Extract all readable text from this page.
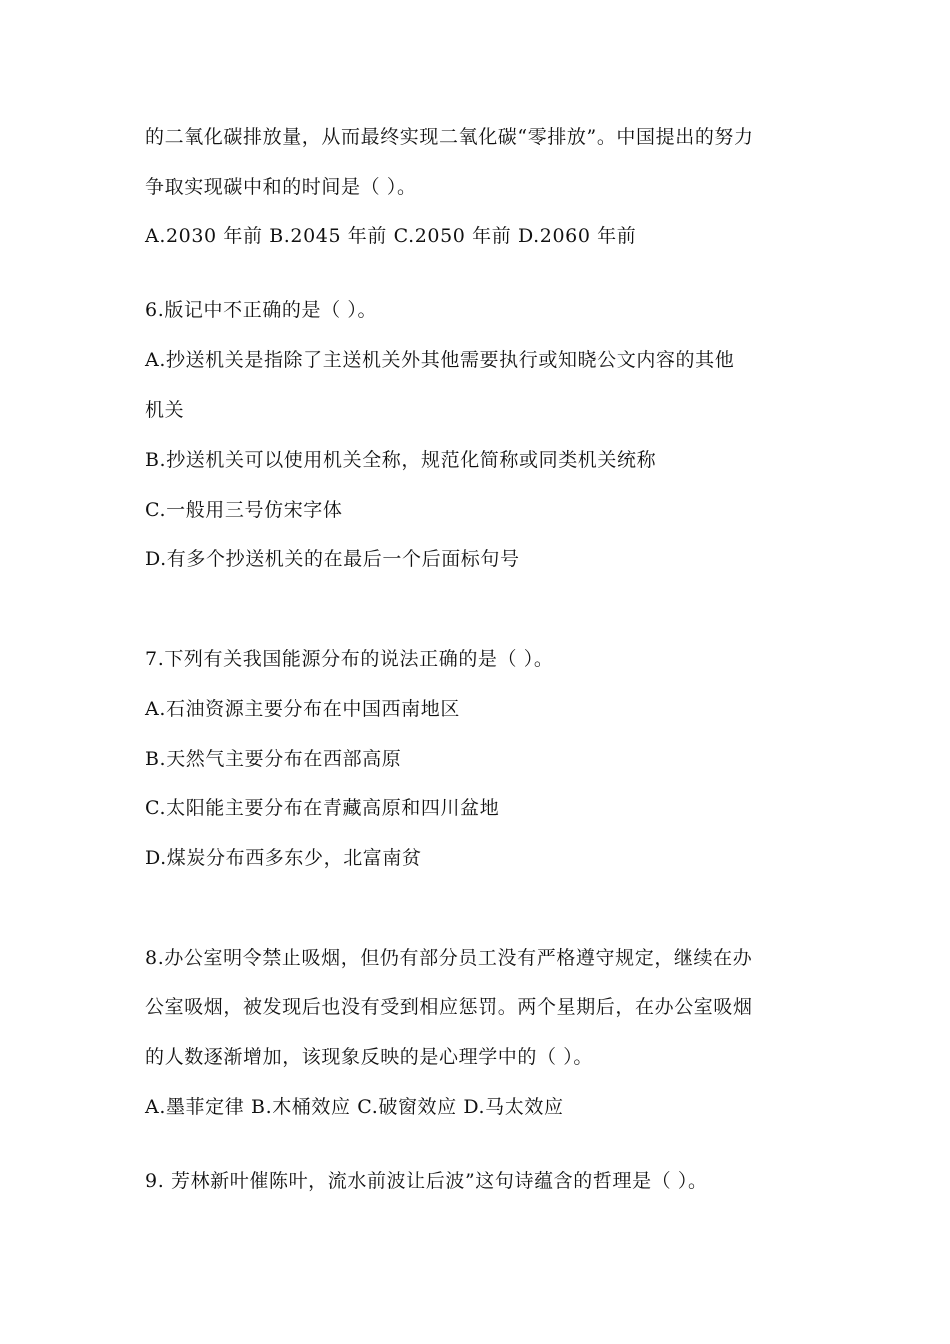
的二氧化碳排放量，从而最终实现二氧化碳“零排放”。中国提出的努力
争取实现碳中和的时间是（ ）。
A.2030 年前 B.2045 年前 C.2050 年前 D.2060 年前
6.版记中不正确的是（ ）。
A.抄送机关是指除了主送机关外其他需要执行或知晓公文内容的其他
机关
B.抄送机关可以使用机关全称，规范化简称或同类机关统称
C.一般用三号仿宋字体
D.有多个抄送机关的在最后一个后面标句号
7.下列有关我国能源分布的说法正确的是（ ）。
A.石油资源主要分布在中国西南地区
B.天然气主要分布在西部高原
C.太阳能主要分布在青藏高原和四川盆地
D.煤炭分布西多东少，北富南贫
8.办公室明令禁止吸烟，但仍有部分员工没有严格遵守规定，继续在办
公室吸烟，被发现后也没有受到相应惩罚。两个星期后，在办公室吸烟
的人数逐渐增加，该现象反映的是心理学中的（ ）。
A.墨菲定律 B.木桶效应 C.破窗效应 D.马太效应
9. 芳林新叶催陈叶，流水前波让后波”这句诗蕴含的哲理是（ ）。
